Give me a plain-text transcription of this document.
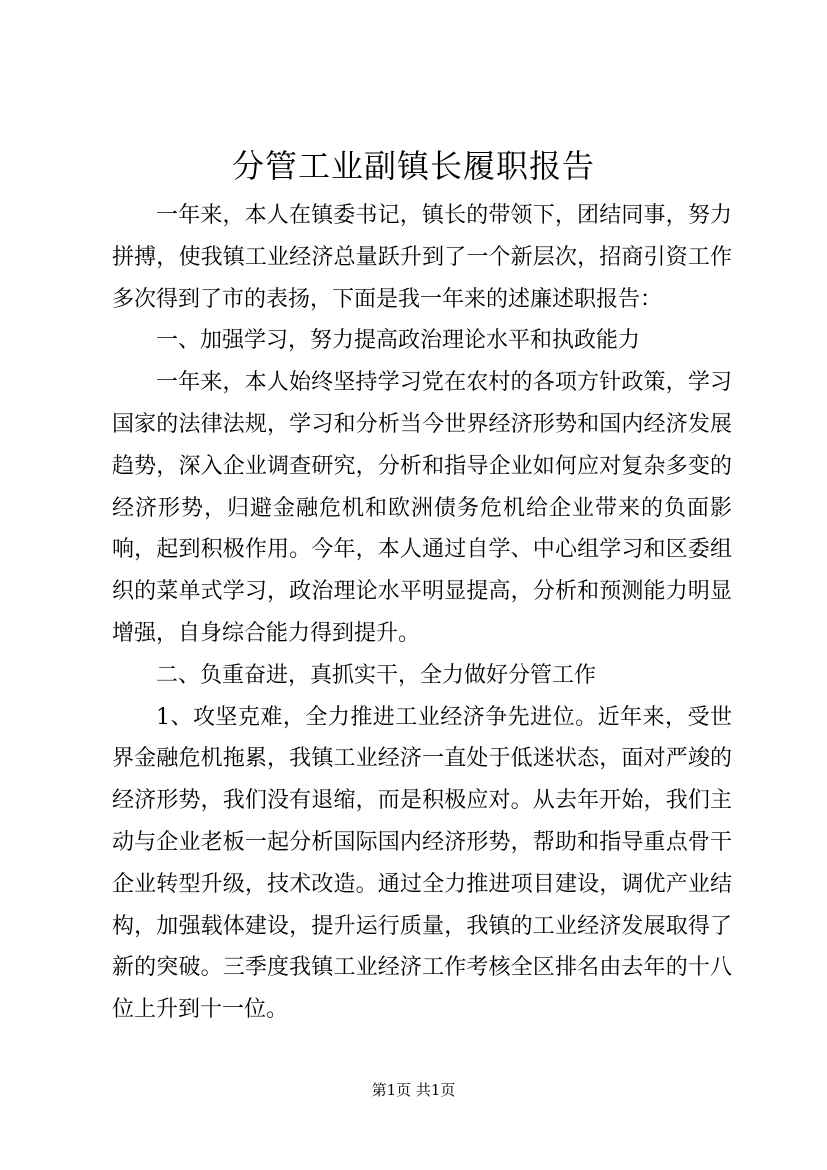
分管工业副镇长履职报告

一年来，本人在镇委书记，镇长的带领下，团结同事，努力拼搏，使我镇工业经济总量跃升到了一个新层次，招商引资工作多次得到了市的表扬，下面是我一年来的述廉述职报告：

一、加强学习，努力提高政治理论水平和执政能力

一年来，本人始终坚持学习党在农村的各项方针政策，学习国家的法律法规，学习和分析当今世界经济形势和国内经济发展趋势，深入企业调查研究，分析和指导企业如何应对复杂多变的经济形势，归避金融危机和欧洲债务危机给企业带来的负面影响，起到积极作用。今年，本人通过自学、中心组学习和区委组织的菜单式学习，政治理论水平明显提高，分析和预测能力明显增强，自身综合能力得到提升。

二、负重奋进，真抓实干，全力做好分管工作

1、攻坚克难，全力推进工业经济争先进位。近年来，受世界金融危机拖累，我镇工业经济一直处于低迷状态，面对严竣的经济形势，我们没有退缩，而是积极应对。从去年开始，我们主动与企业老板一起分析国际国内经济形势，帮助和指导重点骨干企业转型升级，技术改造。通过全力推进项目建设，调优产业结构，加强载体建设，提升运行质量，我镇的工业经济发展取得了新的突破。三季度我镇工业经济工作考核全区排名由去年的十八位上升到十一位。

第1页 共1页
